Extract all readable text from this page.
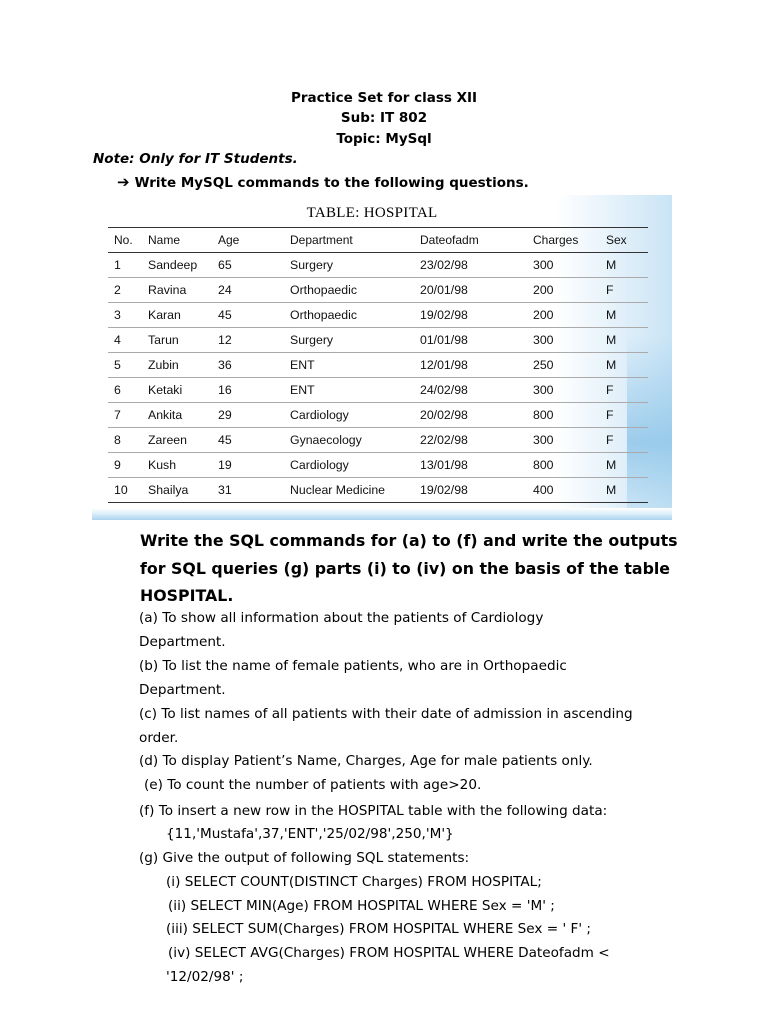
Practice Set for class XII
Sub: IT 802
Topic: MySql
Note: Only for IT Students.
➔ Write MySQL commands to the following questions.
TABLE: HOSPITAL
No.	Name	Age	Department	Dateofadm	Charges	Sex
1	Sandeep	65	Surgery	23/02/98	300	M
2	Ravina	24	Orthopaedic	20/01/98	200	F
3	Karan	45	Orthopaedic	19/02/98	200	M
4	Tarun	12	Surgery	01/01/98	300	M
5	Zubin	36	ENT	12/01/98	250	M
6	Ketaki	16	ENT	24/02/98	300	F
7	Ankita	29	Cardiology	20/02/98	800	F
8	Zareen	45	Gynaecology	22/02/98	300	F
9	Kush	19	Cardiology	13/01/98	800	M
10	Shailya	31	Nuclear Medicine	19/02/98	400	M
Write the SQL commands for (a) to (f) and write the outputs for SQL queries (g) parts (i) to (iv) on the basis of the table HOSPITAL.
(a) To show all information about the patients of Cardiology
Department.
(b) To list the name of female patients, who are in Orthopaedic
Department.
(c) To list names of all patients with their date of admission in ascending
order.
(d) To display Patient’s Name, Charges, Age for male patients only.
(e) To count the number of patients with age>20.
(f) To insert a new row in the HOSPITAL table with the following data:
{11,'Mustafa',37,'ENT','25/02/98',250,'M'}
(g) Give the output of following SQL statements:
(i) SELECT COUNT(DISTINCT Charges) FROM HOSPITAL;
(ii) SELECT MIN(Age) FROM HOSPITAL WHERE Sex = 'M' ;
(iii) SELECT SUM(Charges) FROM HOSPITAL WHERE Sex = ' F' ;
(iv) SELECT AVG(Charges) FROM HOSPITAL WHERE Dateofadm <
'12/02/98' ;
